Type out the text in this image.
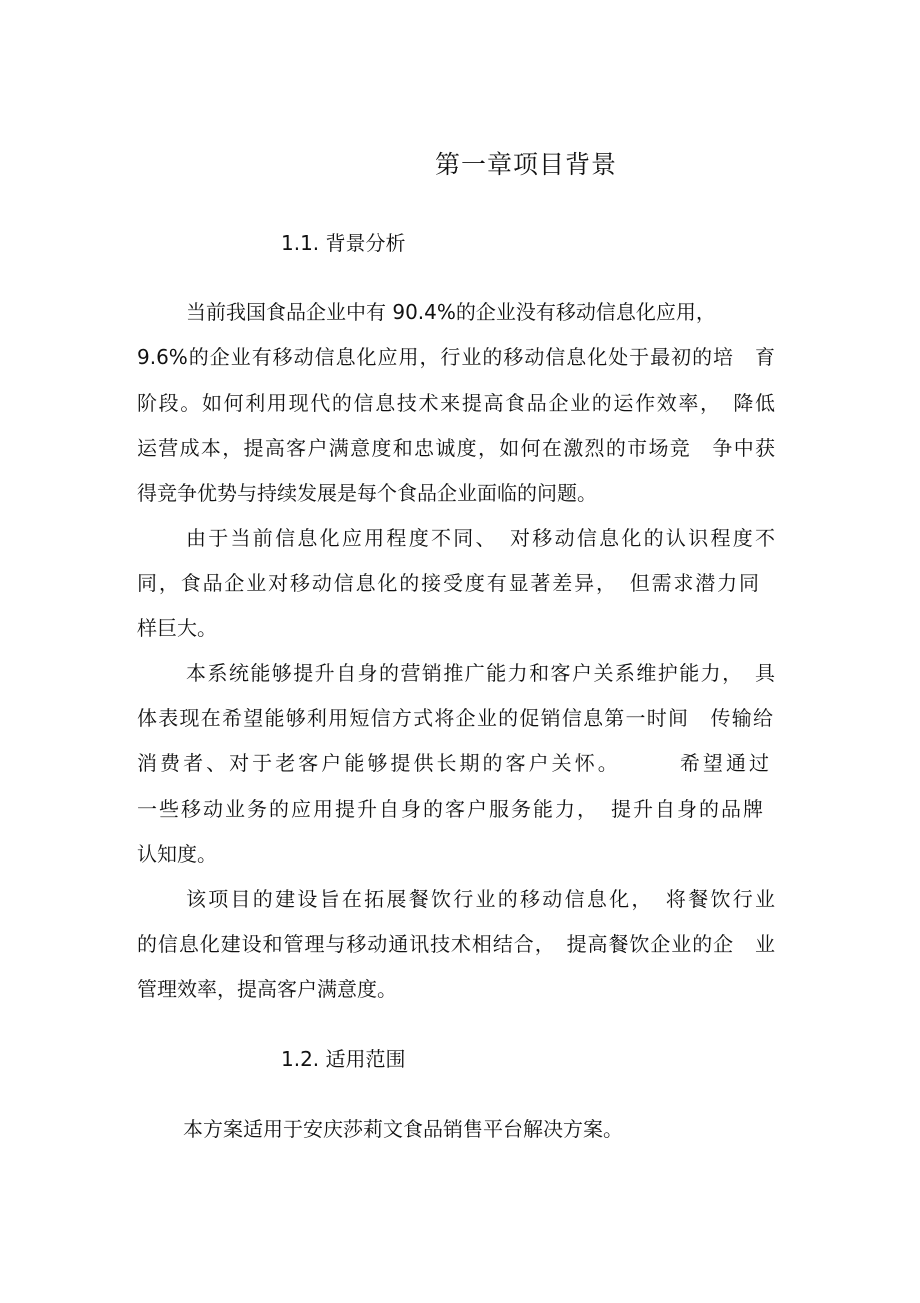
第一章项目背景
1.1. 背景分析
当前我国食品企业中有 90.4%的企业没有移动信息化应用，
9.6%的企业有移动信息化应用，行业的移动信息化处于最初的培　育
阶段。如何利用现代的信息技术来提高食品企业的运作效率，　降低
运营成本，提高客户满意度和忠诚度，如何在激烈的市场竞　争中获
得竞争优势与持续发展是每个食品企业面临的问题。
由于当前信息化应用程度不同、　对移动信息化的认识程度不
同，食品企业对移动信息化的接受度有显著差异，　但需求潜力同
样巨大。
本系统能够提升自身的营销推广能力和客户关系维护能力，　具
体表现在希望能够利用短信方式将企业的促销信息第一时间　传输给
消费者、对于老客户能够提供长期的客户关怀。　　　希望通过
一些移动业务的应用提升自身的客户服务能力，　提升自身的品牌
认知度。
该项目的建设旨在拓展餐饮行业的移动信息化，　将餐饮行业
的信息化建设和管理与移动通讯技术相结合，　提高餐饮企业的企　业
管理效率，提高客户满意度。
1.2. 适用范围
本方案适用于安庆莎莉文食品销售平台解决方案。
